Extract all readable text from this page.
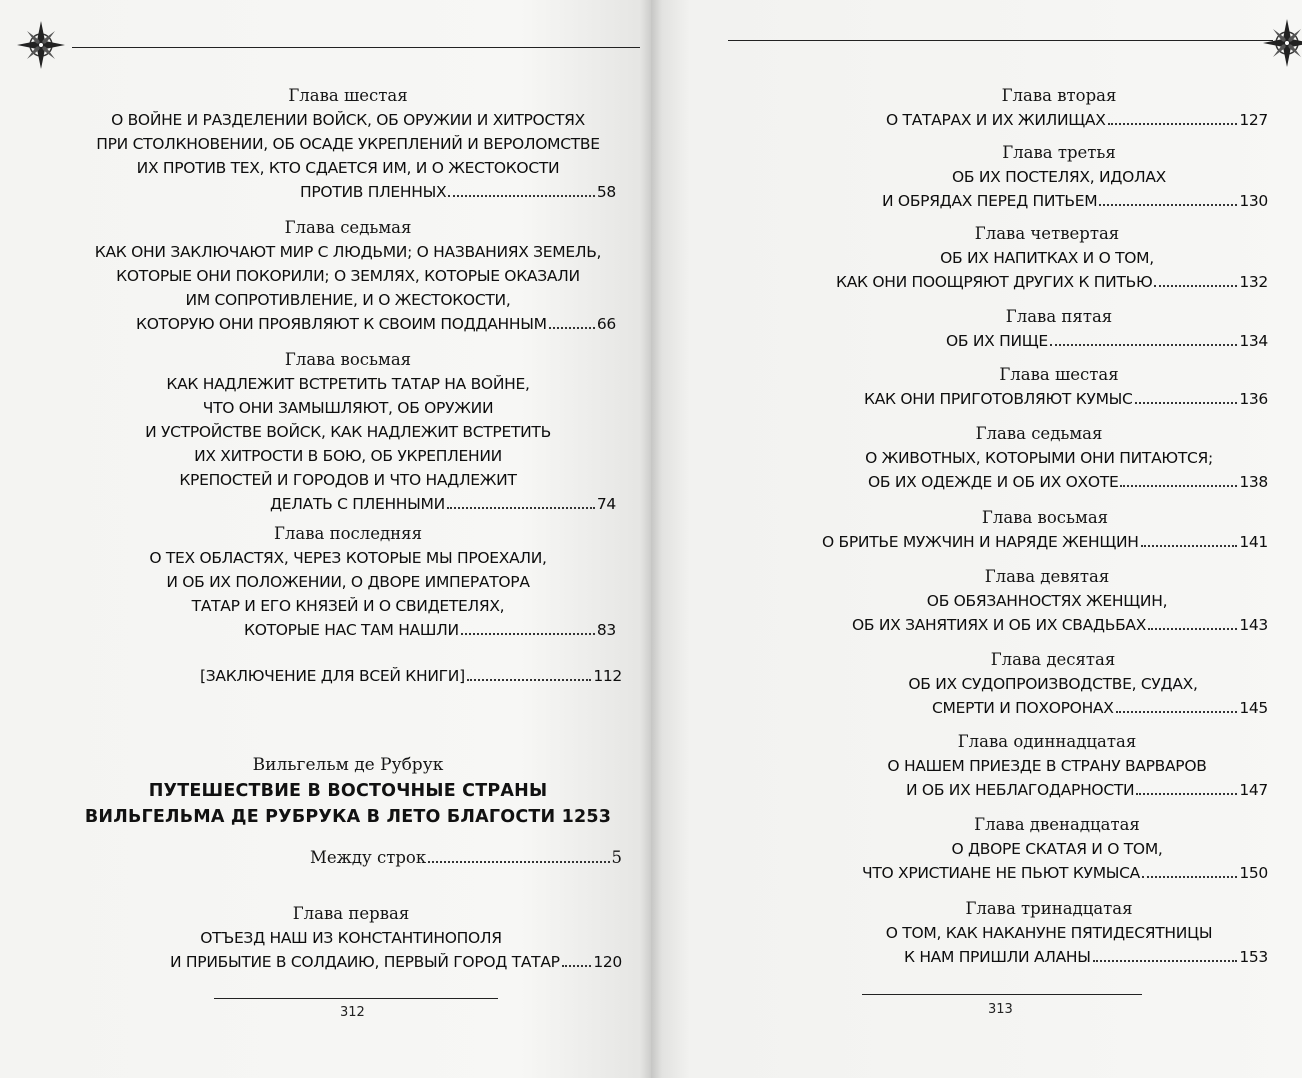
Глава шестая
О ВОЙНЕ И РАЗДЕЛЕНИИ ВОЙСК, ОБ ОРУЖИИ И ХИТРОСТЯХ
ПРИ СТОЛКНОВЕНИИ, ОБ ОСАДЕ УКРЕПЛЕНИЙ И ВЕРОЛОМСТВЕ
ИХ ПРОТИВ ТЕХ, КТО СДАЕТСЯ ИМ, И О ЖЕСТОКОСТИ
ПРОТИВ ПЛЕННЫХ	58
Глава седьмая
КАК ОНИ ЗАКЛЮЧАЮТ МИР С ЛЮДЬМИ; О НАЗВАНИЯХ ЗЕМЕЛЬ,
КОТОРЫЕ ОНИ ПОКОРИЛИ; О ЗЕМЛЯХ, КОТОРЫЕ ОКАЗАЛИ
ИМ СОПРОТИВЛЕНИЕ, И О ЖЕСТОКОСТИ,
КОТОРУЮ ОНИ ПРОЯВЛЯЮТ К СВОИМ ПОДДАННЫМ	66
Глава восьмая
КАК НАДЛЕЖИТ ВСТРЕТИТЬ ТАТАР НА ВОЙНЕ,
ЧТО ОНИ ЗАМЫШЛЯЮТ, ОБ ОРУЖИИ
И УСТРОЙСТВЕ ВОЙСК, КАК НАДЛЕЖИТ ВСТРЕТИТЬ
ИХ ХИТРОСТИ В БОЮ, ОБ УКРЕПЛЕНИИ
КРЕПОСТЕЙ И ГОРОДОВ И ЧТО НАДЛЕЖИТ
ДЕЛАТЬ С ПЛЕННЫМИ	74
Глава последняя
О ТЕХ ОБЛАСТЯХ, ЧЕРЕЗ КОТОРЫЕ МЫ ПРОЕХАЛИ,
И ОБ ИХ ПОЛОЖЕНИИ, О ДВОРЕ ИМПЕРАТОРА
ТАТАР И ЕГО КНЯЗЕЙ И О СВИДЕТЕЛЯХ,
КОТОРЫЕ НАС ТАМ НАШЛИ	83
[ЗАКЛЮЧЕНИЕ ДЛЯ ВСЕЙ КНИГИ]	112
Вильгельм де Рубрук
ПУТЕШЕСТВИЕ В ВОСТОЧНЫЕ СТРАНЫ
ВИЛЬГЕЛЬМА ДЕ РУБРУКА В ЛЕТО БЛАГОСТИ 1253
Между строк	5
Глава первая
ОТЪЕЗД НАШ ИЗ КОНСТАНТИНОПОЛЯ
И ПРИБЫТИЕ В СОЛДАИЮ, ПЕРВЫЙ ГОРОД ТАТАР 120
312
Глава вторая
О ТАТАРАХ И ИХ ЖИЛИЩАХ	127
Глава третья
ОБ ИХ ПОСТЕЛЯХ, ИДОЛАХ
И ОБРЯДАХ ПЕРЕД ПИТЬЕМ	130
Глава четвертая
ОБ ИХ НАПИТКАХ И О ТОМ,
КАК ОНИ ПООЩРЯЮТ ДРУГИХ К ПИТЬЮ	132
Глава пятая
ОБ ИХ ПИЩЕ	134
Глава шестая
КАК ОНИ ПРИГОТОВЛЯЮТ КУМЫС	136
Глава седьмая
О ЖИВОТНЫХ, КОТОРЫМИ ОНИ ПИТАЮТСЯ;
ОБ ИХ ОДЕЖДЕ И ОБ ИХ ОХОТЕ	138
Глава восьмая
О БРИТЬЕ МУЖЧИН И НАРЯДЕ ЖЕНЩИН	141
Глава девятая
ОБ ОБЯЗАННОСТЯХ ЖЕНЩИН,
ОБ ИХ ЗАНЯТИЯХ И ОБ ИХ СВАДЬБАХ	143
Глава десятая
ОБ ИХ СУДОПРОИЗВОДСТВЕ, СУДАХ,
СМЕРТИ И ПОХОРОНАХ	145
Глава одиннадцатая
О НАШЕМ ПРИЕЗДЕ В СТРАНУ ВАРВАРОВ
И ОБ ИХ НЕБЛАГОДАРНОСТИ	147
Глава двенадцатая
О ДВОРЕ СКАТАЯ И О ТОМ,
ЧТО ХРИСТИАНЕ НЕ ПЬЮТ КУМЫСА	150
Глава тринадцатая
О ТОМ, КАК НАКАНУНЕ ПЯТИДЕСЯТНИЦЫ
К НАМ ПРИШЛИ АЛАНЫ	153
313
